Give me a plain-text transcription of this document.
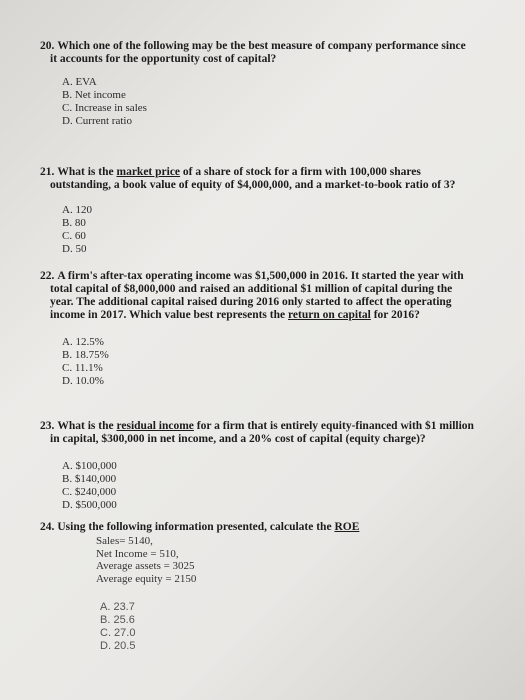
20. Which one of the following may be the best measure of company performance since
it accounts for the opportunity cost of capital?

A. EVA
B. Net income
C. Increase in sales
D. Current ratio

21. What is the market price of a share of stock for a firm with 100,000 shares
outstanding, a book value of equity of $4,000,000, and a market-to-book ratio of 3?

A. 120
B. 80
C. 60
D. 50

22. A firm's after-tax operating income was $1,500,000 in 2016. It started the year with
total capital of $8,000,000 and raised an additional $1 million of capital during the
year. The additional capital raised during 2016 only started to affect the operating
income in 2017. Which value best represents the return on capital for 2016?

A. 12.5%
B. 18.75%
C. 11.1%
D. 10.0%

23. What is the residual income for a firm that is entirely equity-financed with $1 million
in capital, $300,000 in net income, and a 20% cost of capital (equity charge)?

A. $100,000
B. $140,000
C. $240,000
D. $500,000

24. Using the following information presented, calculate the ROE

Sales= 5140,
Net Income = 510,
Average assets = 3025
Average equity = 2150
A. 23.7
B. 25.6
C. 27.0
D. 20.5
